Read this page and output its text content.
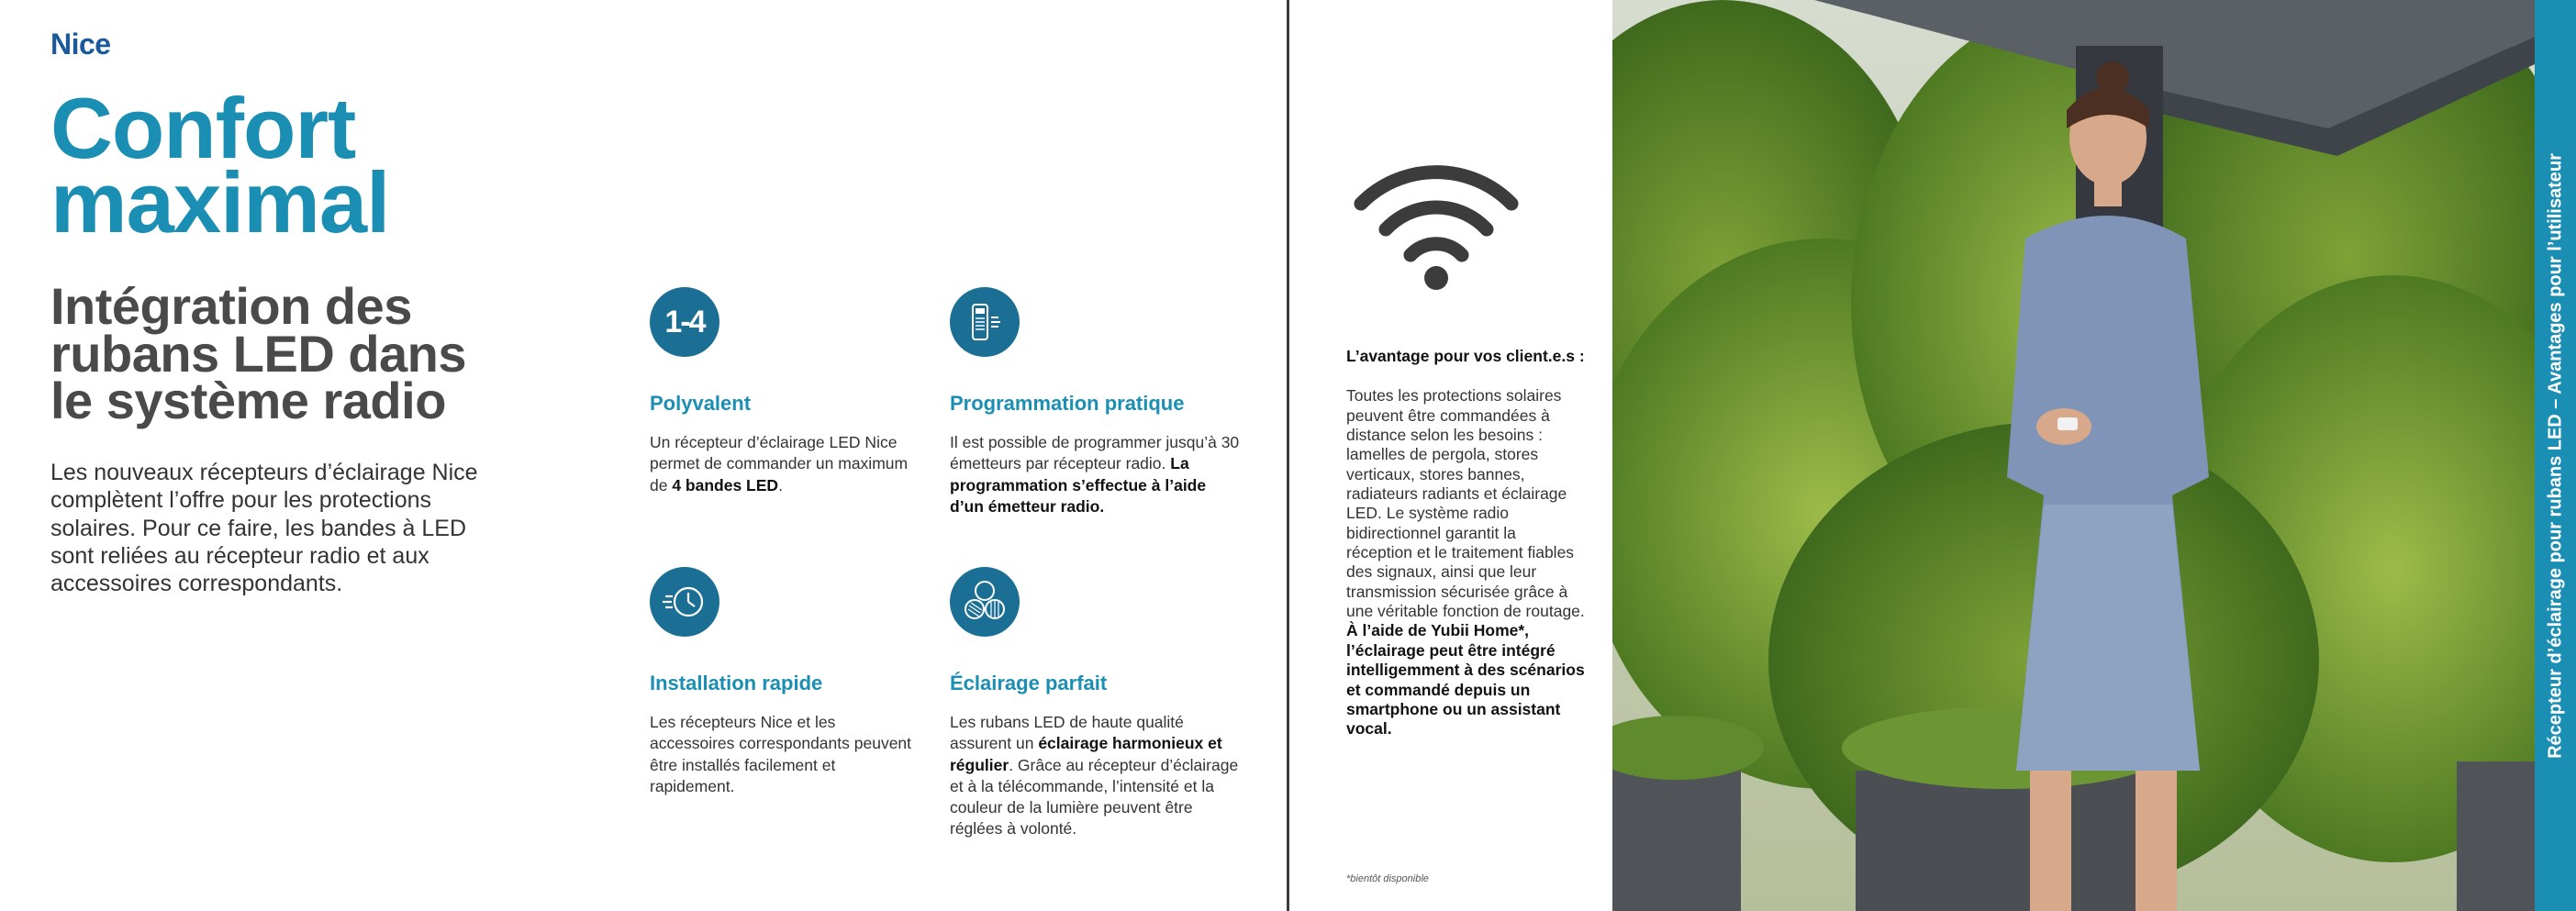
Nice
Confort
maximal
Intégration des
rubans LED dans
le système radio
Les nouveaux récepteurs d’éclairage Nice complètent l’offre pour les protections solaires. Pour ce faire, les bandes à LED sont reliées au récepteur radio et aux accessoires correspondants.
1-4
Polyvalent

Un récepteur d’éclairage LED Nice permet de commander un maximum de 4 bandes LED.

Programmation pratique

Il est possible de programmer jusqu’à 30 émetteurs par récepteur radio. La programmation s’effectue à l’aide d’un émetteur radio.

Installation rapide

Les récepteurs Nice et les accessoires correspondants peuvent être installés facilement et rapidement.

Éclairage parfait

Les rubans LED de haute qualité assurent un éclairage harmonieux et régulier. Grâce au récepteur d’éclairage et à la télécommande, l’intensité et la couleur de la lumière peuvent être réglées à volonté.

L’avantage pour vos client.e.s :
Toutes les protections solaires peuvent être commandées à distance selon les besoins : lamelles de pergola, stores verticaux, stores bannes, radiateurs radiants et éclairage LED. Le système radio bidirectionnel garantit la réception et le traitement fiables des signaux, ainsi que leur transmission sécurisée grâce à une véritable fonction de routage. À l’aide de Yubii Home*, l’éclairage peut être intégré intelligemment à des scénarios et commandé depuis un smartphone ou un assistant vocal.
*bientôt disponible
Récepteur d’éclairage pour rubans LED – Avantages pour l’utilisateur
